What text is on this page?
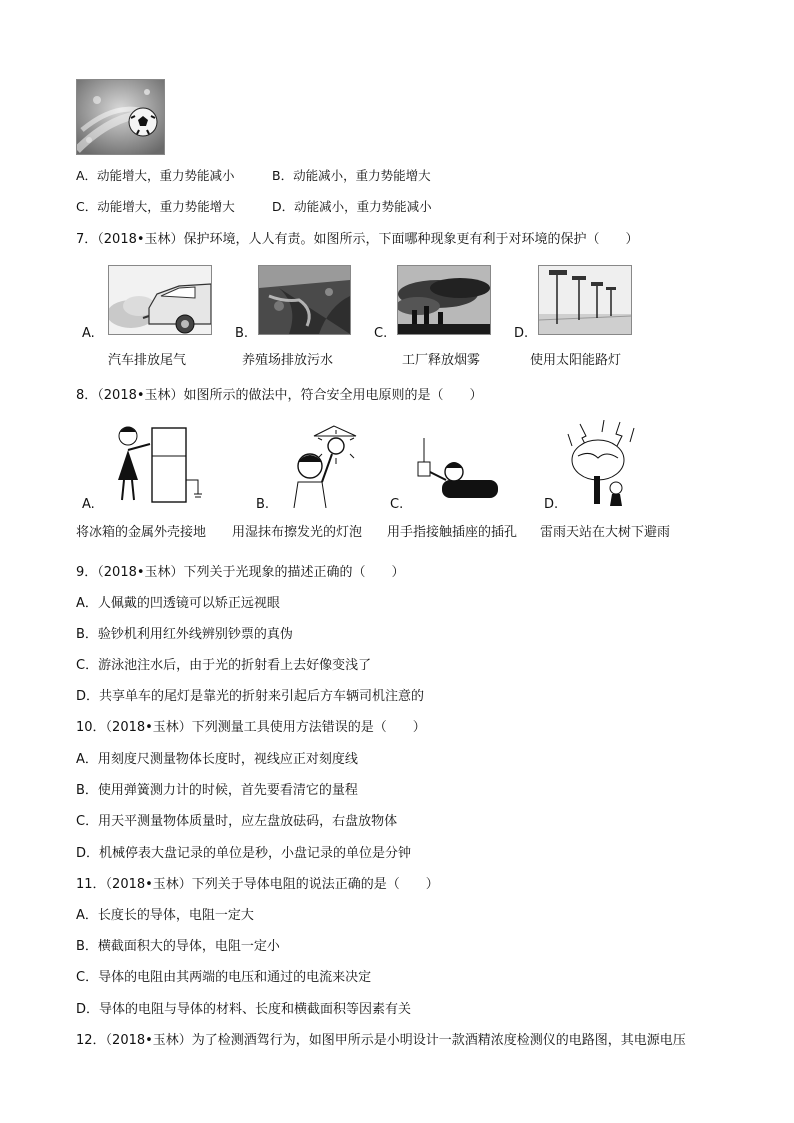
A．动能增大，重力势能减小	B．动能减小，重力势能增大
C．动能增大，重力势能增大	D．动能减小，重力势能减小
7．（2018•玉林）保护环境，人人有责。如图所示，下面哪种现象更有利于对环境的保护（　　）
A.	B.	C.	D.
汽车排放尾气	养殖场排放污水	工厂释放烟雾	使用太阳能路灯
8．（2018•玉林）如图所示的做法中，符合安全用电原则的是（　　）
A.	B.	C.	D.
将冰箱的金属外壳接地 用湿抹布擦发光的灯泡 用手指接触插座的插孔 雷雨天站在大树下避雨
9．（2018•玉林）下列关于光现象的描述正确的（　　）
A．人佩戴的凹透镜可以矫正远视眼
B．验钞机利用红外线辨别钞票的真伪
C．游泳池注水后，由于光的折射看上去好像变浅了
D．共享单车的尾灯是靠光的折射来引起后方车辆司机注意的
10．（2018•玉林）下列测量工具使用方法错误的是（　　）
A．用刻度尺测量物体长度时，视线应正对刻度线
B．使用弹簧测力计的时候，首先要看清它的量程
C．用天平测量物体质量时，应左盘放砝码，右盘放物体
D．机械停表大盘记录的单位是秒，小盘记录的单位是分钟
11．（2018•玉林）下列关于导体电阻的说法正确的是（　　）
A．长度长的导体，电阻一定大
B．横截面积大的导体，电阻一定小
C．导体的电阻由其两端的电压和通过的电流来决定
D．导体的电阻与导体的材料、长度和横截面积等因素有关
12．（2018•玉林）为了检测酒驾行为，如图甲所示是小明设计一款酒精浓度检测仪的电路图，其电源电压
